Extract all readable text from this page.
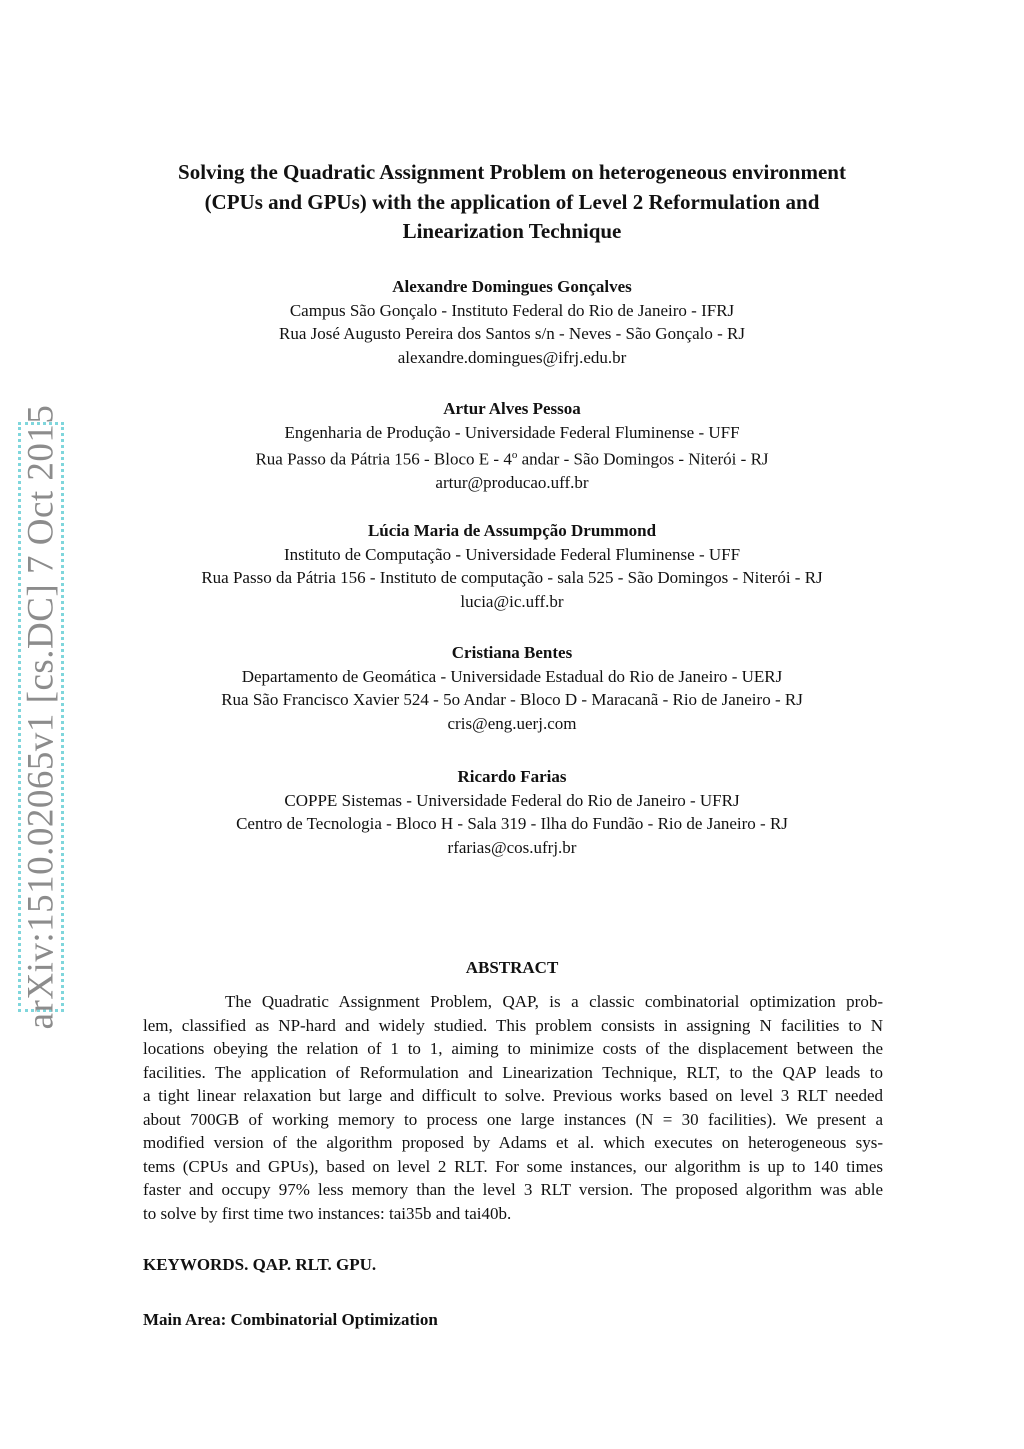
arXiv:1510.02065v1 [cs.DC] 7 Oct 2015
Solving the Quadratic Assignment Problem on heterogeneous environment
(CPUs and GPUs) with the application of Level 2 Reformulation and
Linearization Technique
Alexandre Domingues Gonçalves
Campus São Gonçalo - Instituto Federal do Rio de Janeiro - IFRJ
Rua José Augusto Pereira dos Santos s/n - Neves - São Gonçalo - RJ
alexandre.domingues@ifrj.edu.br
Artur Alves Pessoa
Engenharia de Produção - Universidade Federal Fluminense - UFF
Rua Passo da Pátria 156 - Bloco E - 4$^o$ andar - São Domingos - Niterói - RJ
artur@producao.uff.br
Lúcia Maria de Assumpção Drummond
Instituto de Computação - Universidade Federal Fluminense - UFF
Rua Passo da Pátria 156 - Instituto de computação - sala 525 - São Domingos - Niterói - RJ
lucia@ic.uff.br
Cristiana Bentes
Departamento de Geomática - Universidade Estadual do Rio de Janeiro - UERJ
Rua São Francisco Xavier 524 - 5o Andar - Bloco D - Maracanã - Rio de Janeiro - RJ
cris@eng.uerj.com
Ricardo Farias
COPPE Sistemas - Universidade Federal do Rio de Janeiro - UFRJ
Centro de Tecnologia - Bloco H - Sala 319 - Ilha do Fundão - Rio de Janeiro - RJ
rfarias@cos.ufrj.br
ABSTRACT
The Quadratic Assignment Problem, QAP, is a classic combinatorial optimization prob-
lem, classified as NP-hard and widely studied. This problem consists in assigning N facilities to N
locations obeying the relation of 1 to 1, aiming to minimize costs of the displacement between the
facilities. The application of Reformulation and Linearization Technique, RLT, to the QAP leads to
a tight linear relaxation but large and difficult to solve. Previous works based on level 3 RLT needed
about 700GB of working memory to process one large instances (N = 30 facilities). We present a
modified version of the algorithm proposed by Adams et al. which executes on heterogeneous sys-
tems (CPUs and GPUs), based on level 2 RLT. For some instances, our algorithm is up to 140 times
faster and occupy 97% less memory than the level 3 RLT version. The proposed algorithm was able
to solve by first time two instances: tai35b and tai40b.

KEYWORDS. QAP. RLT. GPU.

Main Area: Combinatorial Optimization
